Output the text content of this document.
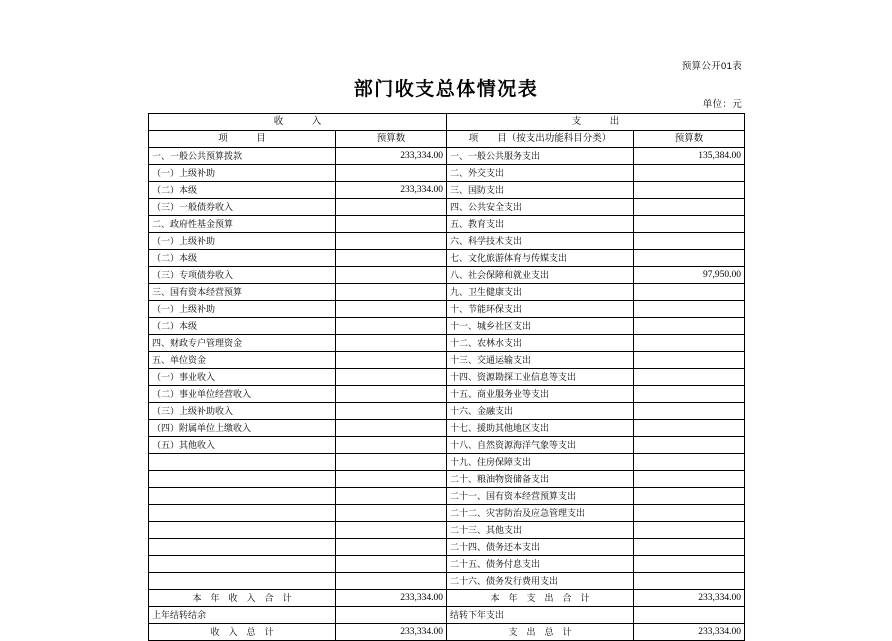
预算公开01表
部门收支总体情况表
单位：元
收　　　入		支　　　出	
项　　　目	预算数	项　　目（按支出功能科目分类）	预算数
一、一般公共预算拨款	233,334.00	一、一般公共服务支出	135,384.00
（一）上级补助		二、外交支出	
（二）本级	233,334.00	三、国防支出	
（三）一般债券收入		四、公共安全支出	
二、政府性基金预算		五、教育支出	
（一）上级补助		六、科学技术支出	
（二）本级		七、文化旅游体育与传媒支出	
（三）专项债券收入		八、社会保障和就业支出	97,950.00
三、国有资本经营预算		九、卫生健康支出	
（一）上级补助		十、节能环保支出	
（二）本级		十一、城乡社区支出	
四、财政专户管理资金		十二、农林水支出	
五、单位资金		十三、交通运输支出	
（一）事业收入		十四、资源勘探工业信息等支出	
（二）事业单位经营收入		十五、商业服务业等支出	
（三）上级补助收入		十六、金融支出	
（四）附属单位上缴收入		十七、援助其他地区支出	
（五）其他收入		十八、自然资源海洋气象等支出	
		十九、住房保障支出	
		二十、粮油物资储备支出	
		二十一、国有资本经营预算支出	
		二十二、灾害防治及应急管理支出	
		二十三、其他支出	
		二十四、债务还本支出	
		二十五、债务付息支出	
		二十六、债务发行费用支出	
本　年　收　入　合　计	233,334.00	本　年　支　出　合　计	233,334.00
上年结转结余		结转下年支出	
收　入　总　计	233,334.00	支　出　总　计	233,334.00
